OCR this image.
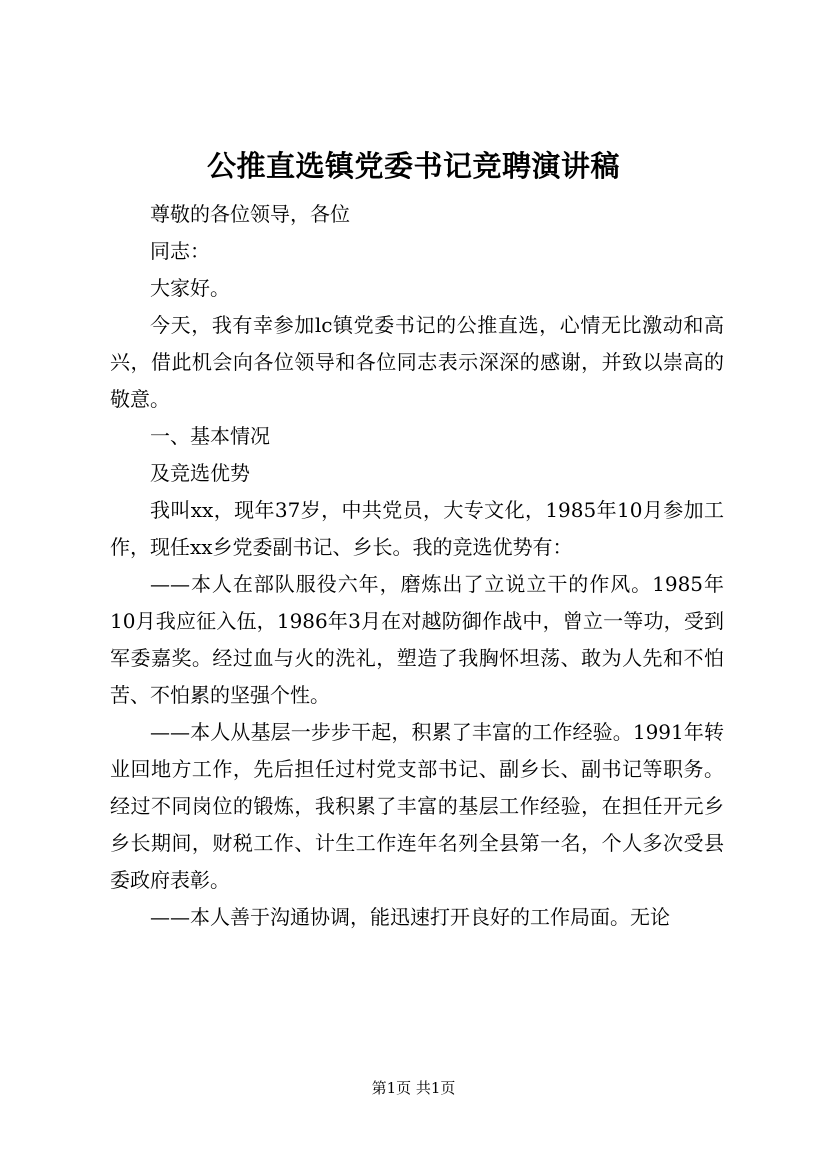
公推直选镇党委书记竞聘演讲稿

尊敬的各位领导，各位

同志：

大家好。

今天，我有幸参加lc镇党委书记的公推直选，心情无比激动和高兴，借此机会向各位领导和各位同志表示深深的感谢，并致以崇高的敬意。

一、基本情况

及竞选优势

我叫xx，现年37岁，中共党员，大专文化，1985年10月参加工作，现任xx乡党委副书记、乡长。我的竞选优势有：

——本人在部队服役六年，磨炼出了立说立干的作风。1985年10月我应征入伍，1986年3月在对越防御作战中，曾立一等功，受到军委嘉奖。经过血与火的洗礼，塑造了我胸怀坦荡、敢为人先和不怕苦、不怕累的坚强个性。

——本人从基层一步步干起，积累了丰富的工作经验。1991年转业回地方工作，先后担任过村党支部书记、副乡长、副书记等职务。经过不同岗位的锻炼，我积累了丰富的基层工作经验，在担任开元乡乡长期间，财税工作、计生工作连年名列全县第一名，个人多次受县委政府表彰。

——本人善于沟通协调，能迅速打开良好的工作局面。无论

第1页 共1页
